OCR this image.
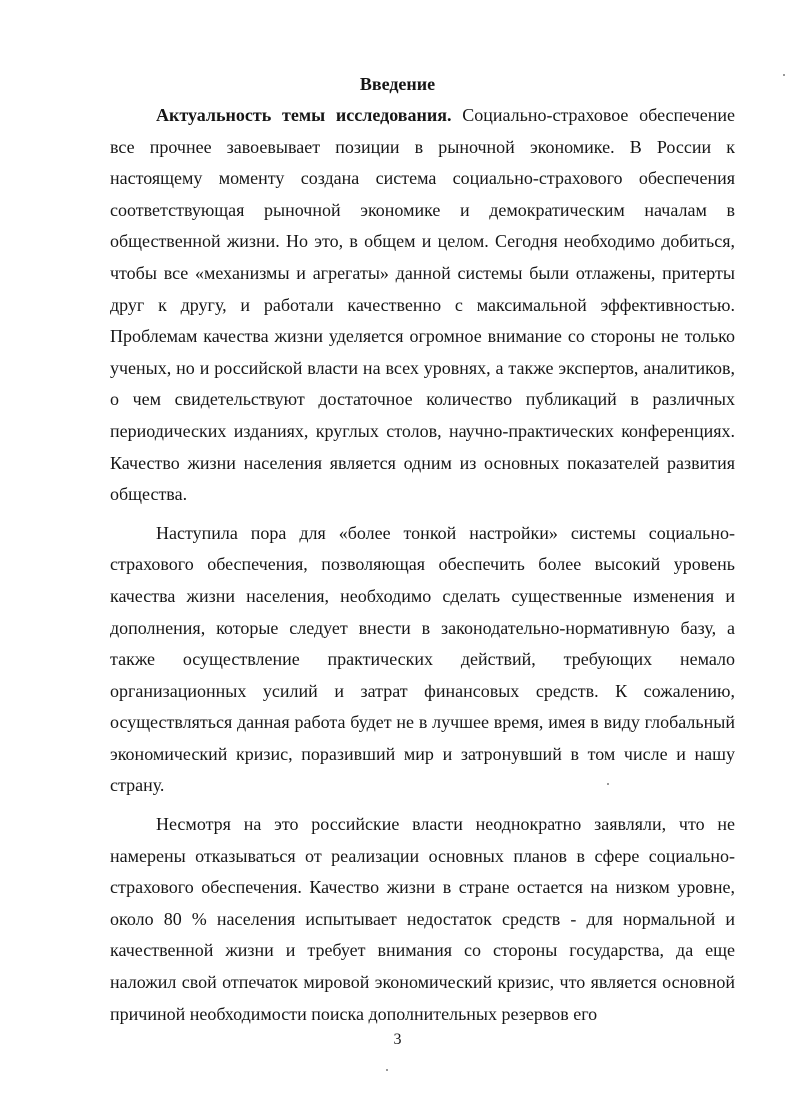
Введение

Актуальность темы исследования. Социально-страховое обеспечение все прочнее завоевывает позиции в рыночной экономике. В России к настоящему моменту создана система социально-страхового обеспечения соответствующая рыночной экономике и демократическим началам в общественной жизни. Но это, в общем и целом. Сегодня необходимо добиться, чтобы все «механизмы и агрегаты» данной системы были отлажены, притерты друг к другу, и работали качественно с максимальной эффективностью. Проблемам качества жизни уделяется огромное внимание со стороны не только ученых, но и российской власти на всех уровнях, а также экспертов, аналитиков, о чем свидетельствуют достаточное количество публикаций в различных периодических изданиях, круглых столов, научно-практических конференциях. Качество жизни населения является одним из основных показателей развития общества.

Наступила пора для «более тонкой настройки» системы социально-страхового обеспечения, позволяющая обеспечить более высокий уровень качества жизни населения, необходимо сделать существенные изменения и дополнения, которые следует внести в законодательно-нормативную базу, а также осуществление практических действий, требующих немало организационных усилий и затрат финансовых средств. К сожалению, осуществляться данная работа будет не в лучшее время, имея в виду глобальный экономический кризис, поразивший мир и затронувший в том числе и нашу страну.

Несмотря на это российские власти неоднократно заявляли, что не намерены отказываться от реализации основных планов в сфере социально-страхового обеспечения. Качество жизни в стране остается на низком уровне, около 80 % населения испытывает недостаток средств - для нормальной и качественной жизни и требует внимания со стороны государства, да еще наложил свой отпечаток мировой экономический кризис, что является основной причиной необходимости поиска дополнительных резервов его

3
